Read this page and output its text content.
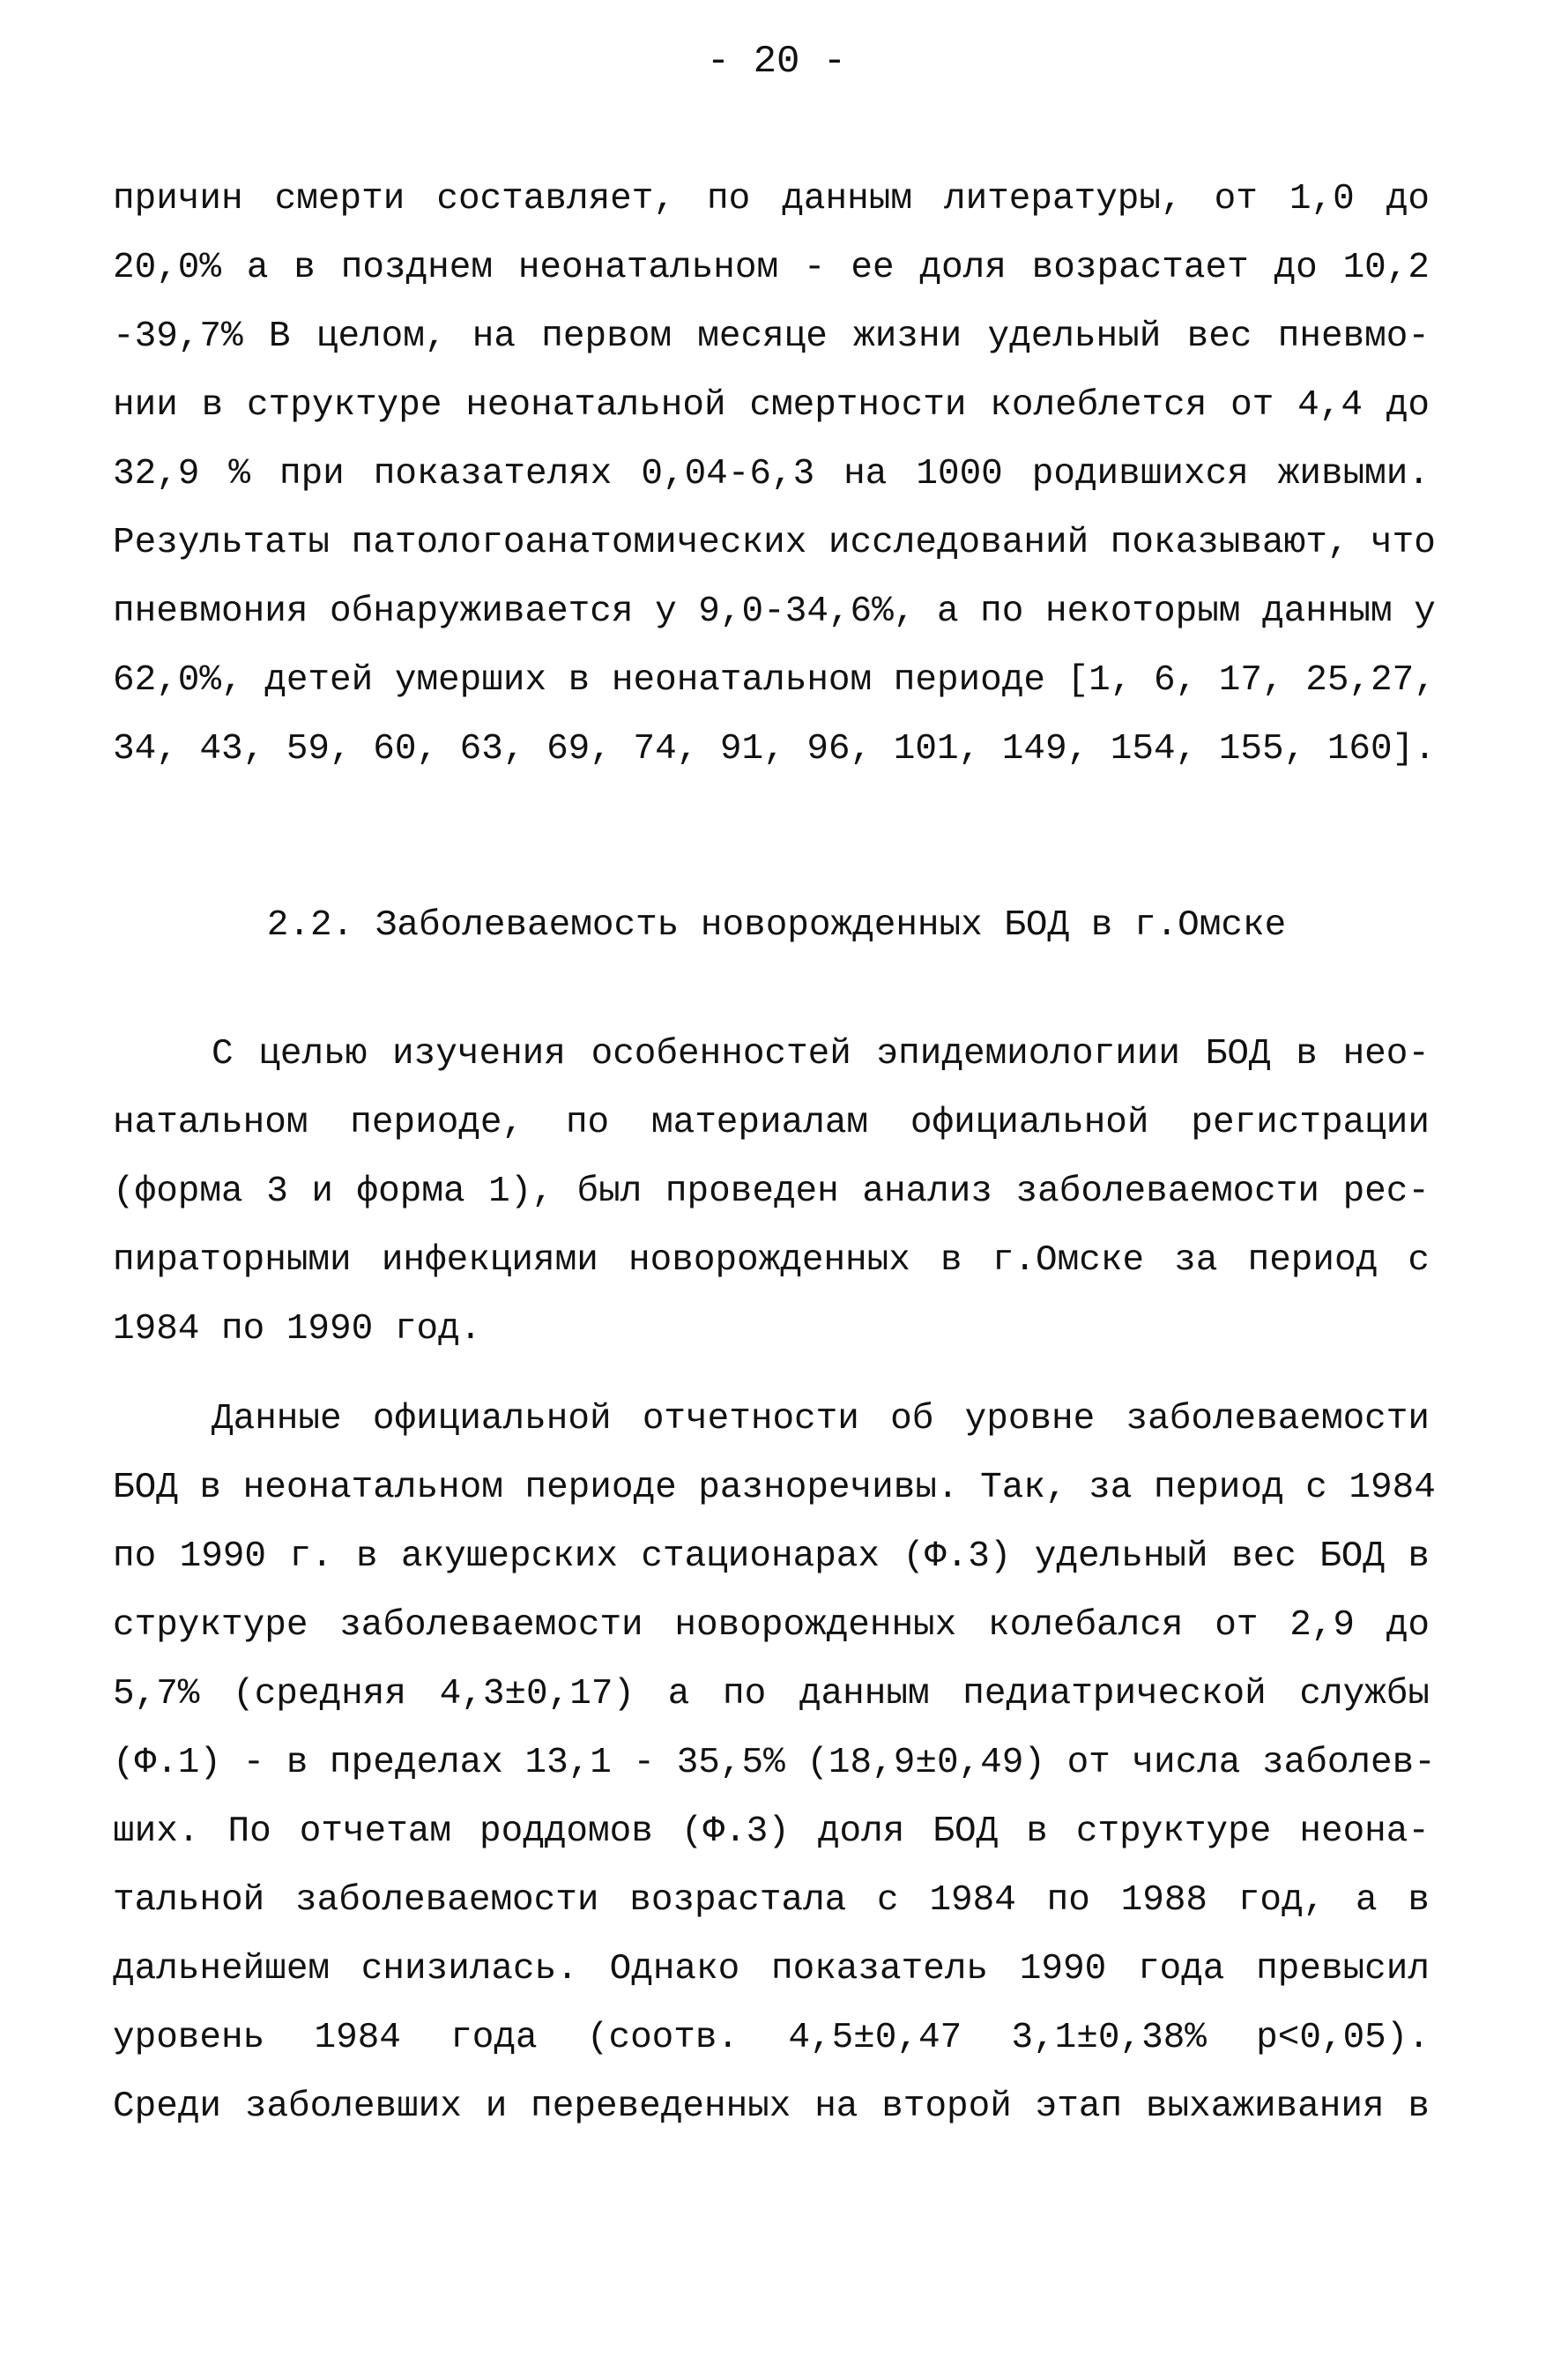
- 20 -
причин смерти составляет, по данным литературы, от 1,0 до
20,0% а в позднем неонатальном - ее доля возрастает до 10,2
-39,7% В целом, на первом месяце жизни удельный вес пневмо-
нии в структуре неонатальной смертности колеблется от 4,4 до
32,9 % при показателях 0,04-6,3 на 1000 родившихся живыми.
Результаты патологоанатомических исследований показывают, что
пневмония обнаруживается у 9,0-34,6%, а по некоторым данным у
62,0%, детей умерших в неонатальном периоде [1, 6, 17, 25,27,
34, 43, 59, 60, 63, 69, 74, 91, 96, 101, 149, 154, 155, 160].
2.2. Заболеваемость новорожденных БОД в г.Омске
С целью изучения особенностей эпидемиологиии БОД в нео-
натальном периоде, по материалам официальной регистрации
(форма 3 и форма 1), был проведен анализ заболеваемости рес-
пираторными инфекциями новорожденных в г.Омске за период с
1984 по 1990 год.
Данные официальной отчетности об уровне заболеваемости
БОД в неонатальном периоде разноречивы. Так, за период с 1984
по 1990 г. в акушерских стационарах (Ф.3) удельный вес БОД в
структуре заболеваемости новорожденных колебался от 2,9 до
5,7% (средняя 4,3±0,17) а по данным педиатрической службы
(Ф.1) - в пределах 13,1 - 35,5% (18,9±0,49) от числа заболев-
ших. По отчетам роддомов (Ф.3) доля БОД в структуре неона-
тальной заболеваемости возрастала с 1984 по 1988 год, а в
дальнейшем снизилась. Однако показатель 1990 года превысил
уровень 1984 года (соотв. 4,5±0,47 3,1±0,38% p<0,05).
Среди заболевших и переведенных на второй этап выхаживания в
